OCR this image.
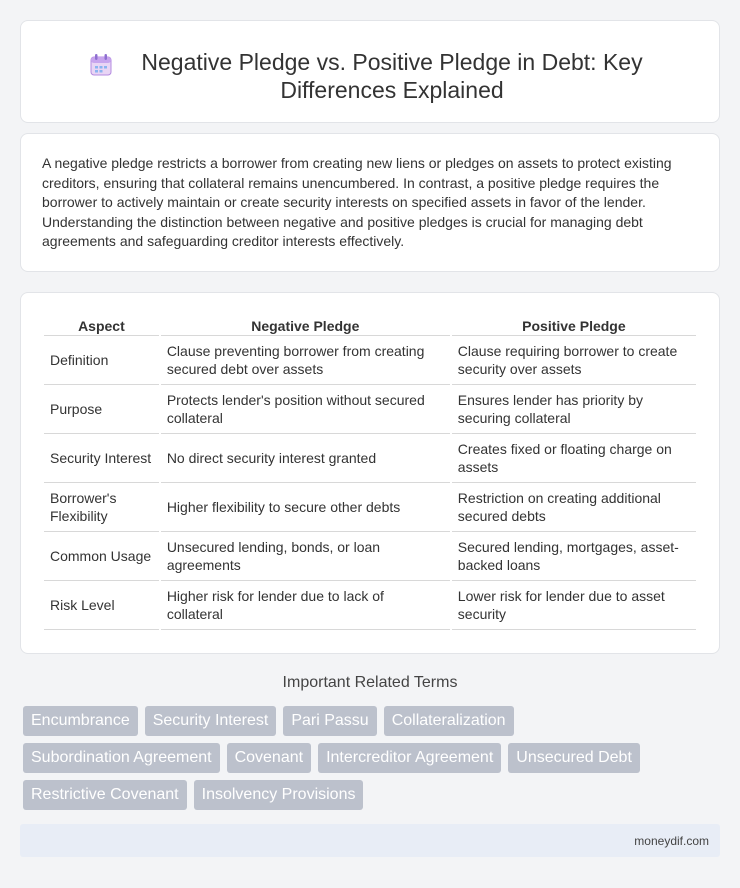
Negative Pledge vs. Positive Pledge in Debt: Key Differences Explained

A negative pledge restricts a borrower from creating new liens or pledges on assets to protect existing creditors, ensuring that collateral remains unencumbered. In contrast, a positive pledge requires the borrower to actively maintain or create security interests on specified assets in favor of the lender. Understanding the distinction between negative and positive pledges is crucial for managing debt agreements and safeguarding creditor interests effectively.

Aspect	Negative Pledge	Positive Pledge
Definition	Clause preventing borrower from creating secured debt over assets	Clause requiring borrower to create security over assets
Purpose	Protects lender's position without secured collateral	Ensures lender has priority by securing collateral
Security Interest	No direct security interest granted	Creates fixed or floating charge on assets
Borrower's Flexibility	Higher flexibility to secure other debts	Restriction on creating additional secured debts
Common Usage	Unsecured lending, bonds, or loan agreements	Secured lending, mortgages, asset-backed loans
Risk Level	Higher risk for lender due to lack of collateral	Lower risk for lender due to asset security
Important Related Terms
Encumbrance	Security Interest	Pari Passu	Collateralization
Subordination Agreement	Covenant	Intercreditor Agreement	Unsecured Debt
Restrictive Covenant	Insolvency Provisions
moneydif.com
